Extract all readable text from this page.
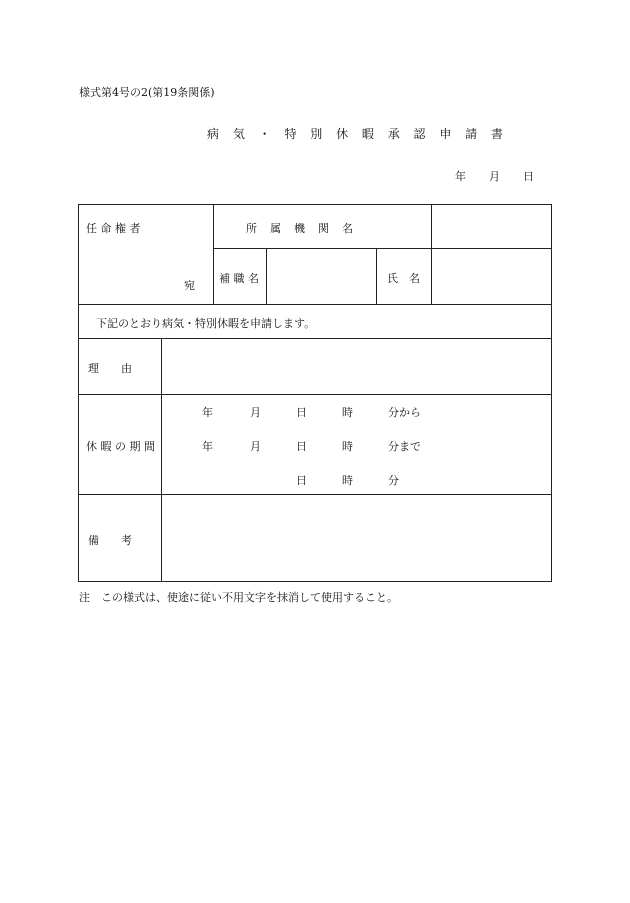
様式第4号の2(第19条関係)
病 気 ・ 特 別 休 暇 承 認 申 請 書
年 月 日
任 命 権 者
宛
所　属　機　関　名
補 職 名	氏　名
下記のとおり病気・特別休暇を申請します。
理　　由
休 暇 の 期 間
年	月	日	時	分から
年	月	日	時	分まで
日	時	分
備　　考
注　この様式は、使途に従い不用文字を抹消して使用すること。
